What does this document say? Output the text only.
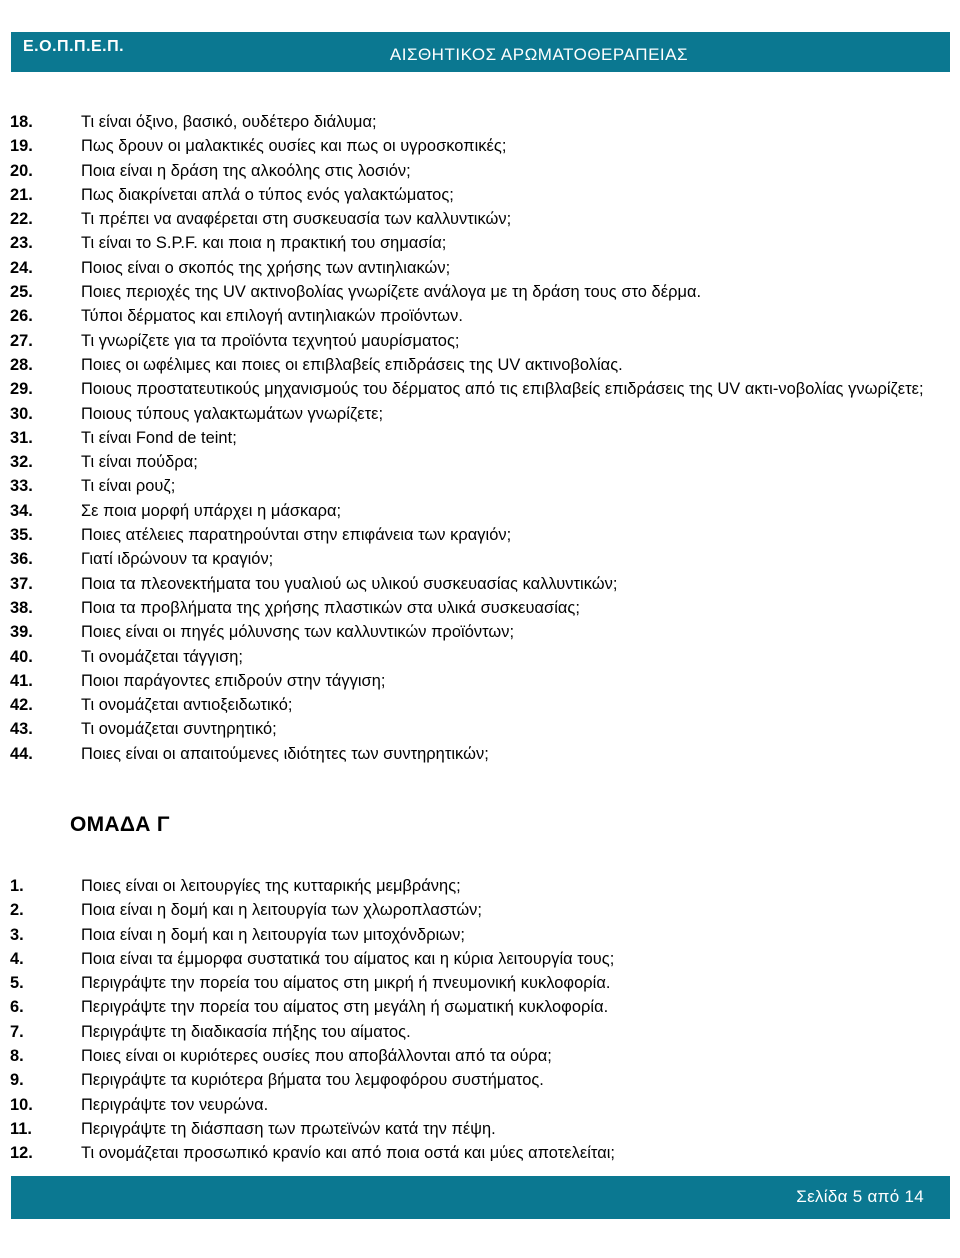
Ε.Ο.Π.Π.Ε.Π.	ΑΙΣΘΗΤΙΚΟΣ ΑΡΩΜΑΤΟΘΕΡΑΠΕΙΑΣ
18.	Τι είναι όξινο, βασικό, ουδέτερο διάλυμα;
19.	Πως δρουν οι μαλακτικές ουσίες και πως οι υγροσκοπικές;
20.	Ποια είναι η δράση της αλκοόλης στις λοσιόν;
21.	Πως διακρίνεται απλά ο τύπος ενός γαλακτώματος;
22.	Τι πρέπει να αναφέρεται στη συσκευασία των καλλυντικών;
23.	Τι είναι το S.P.F. και ποια η πρακτική του σημασία;
24.	Ποιος είναι ο σκοπός της χρήσης των αντιηλιακών;
25.	Ποιες περιοχές της UV ακτινοβολίας γνωρίζετε ανάλογα με τη δράση τους στο δέρμα.
26.	Τύποι δέρματος και επιλογή αντιηλιακών προϊόντων.
27.	Τι γνωρίζετε για τα προϊόντα τεχνητού μαυρίσματος;
28.	Ποιες οι ωφέλιμες και ποιες οι επιβλαβείς επιδράσεις της UV ακτινοβολίας.
29.	Ποιους προστατευτικούς μηχανισμούς του δέρματος από τις επιβλαβείς επιδράσεις της UV ακτι-νοβολίας γνωρίζετε;
30.	Ποιους τύπους γαλακτωμάτων γνωρίζετε;
31.	Τι είναι Fond de teint;
32.	Τι είναι πούδρα;
33.	Τι είναι ρουζ;
34.	Σε ποια μορφή υπάρχει η μάσκαρα;
35.	Ποιες ατέλειες παρατηρούνται στην επιφάνεια των κραγιόν;
36.	Γιατί ιδρώνουν τα κραγιόν;
37.	Ποια τα πλεονεκτήματα του γυαλιού ως υλικού συσκευασίας καλλυντικών;
38.	Ποια τα προβλήματα της χρήσης πλαστικών στα υλικά συσκευασίας;
39.	Ποιες είναι οι πηγές μόλυνσης των καλλυντικών προϊόντων;
40.	Τι ονομάζεται τάγγιση;
41.	Ποιοι παράγοντες επιδρούν στην τάγγιση;
42.	Τι ονομάζεται αντιοξειδωτικό;
43.	Τι ονομάζεται συντηρητικό;
44.	Ποιες είναι οι απαιτούμενες ιδιότητες των συντηρητικών;
ΟΜΑΔΑ Γ
1.	Ποιες είναι οι λειτουργίες της κυτταρικής μεμβράνης;
2.	Ποια είναι η δομή και η λειτουργία των χλωροπλαστών;
3.	Ποια είναι η δομή και η λειτουργία των μιτοχόνδριων;
4.	Ποια είναι τα έμμορφα συστατικά του αίματος και η κύρια λειτουργία τους;
5.	Περιγράψτε την πορεία του αίματος στη μικρή ή πνευμονική κυκλοφορία.
6.	Περιγράψτε την πορεία του αίματος στη μεγάλη ή σωματική κυκλοφορία.
7.	Περιγράψτε τη διαδικασία πήξης του αίματος.
8.	Ποιες είναι οι κυριότερες ουσίες που αποβάλλονται από τα ούρα;
9.	Περιγράψτε τα κυριότερα βήματα του λεμφοφόρου συστήματος.
10.	Περιγράψτε τον νευρώνα.
11.	Περιγράψτε τη διάσπαση των πρωτεϊνών κατά την πέψη.
12.	Τι ονομάζεται προσωπικό κρανίο και από ποια οστά και μύες αποτελείται;
Σελίδα 5 από 14
